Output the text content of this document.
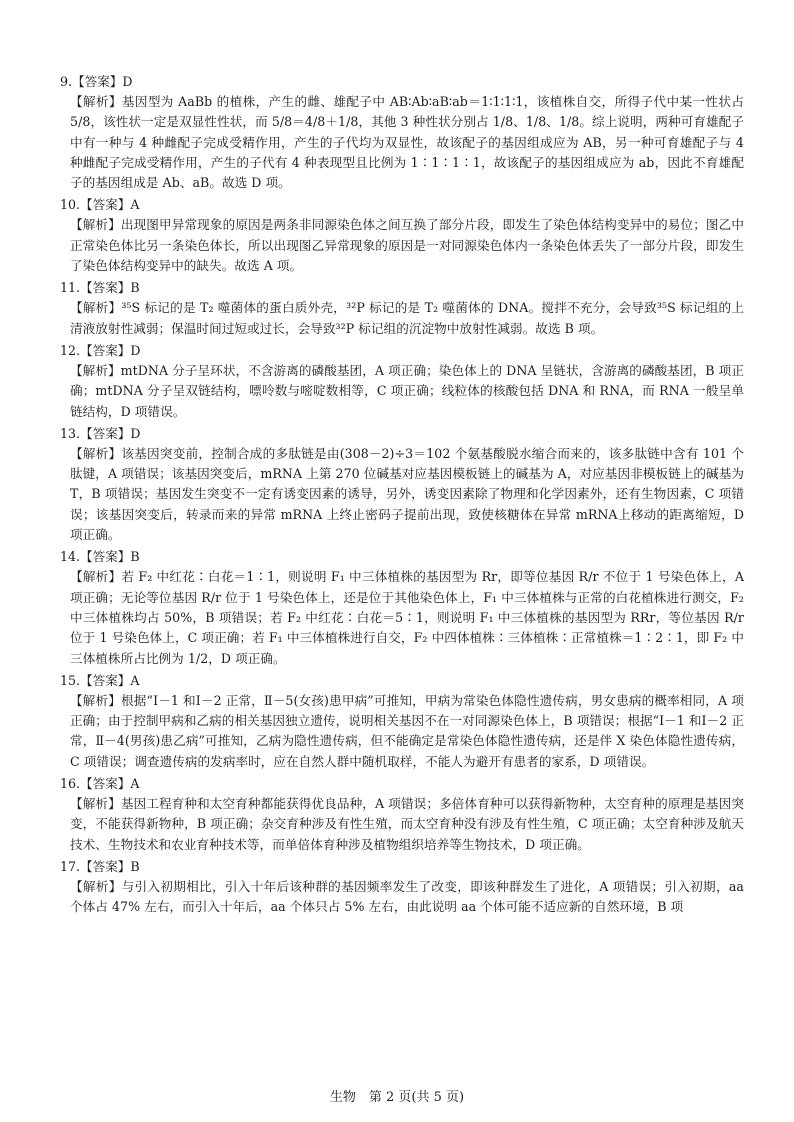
9.【答案】D
【解析】基因型为 AaBb 的植株，产生的雌、雄配子中 AB∶Ab∶aB∶ab＝1∶1∶1∶1，该植株自交，所得子代中某一性状占 5/8，该性状一定是双显性性状，而 5/8＝4/8＋1/8，其他 3 种性状分别占 1/8、1/8、1/8。综上说明，两种可育雄配子中有一种与 4 种雌配子完成受精作用，产生的子代均为双显性，故该配子的基因组成应为 AB，另一种可育雄配子与 4 种雌配子完成受精作用，产生的子代有 4 种表现型且比例为 1∶1∶1∶1，故该配子的基因组成应为 ab，因此不育雄配子的基因组成是 Ab、aB。故选 D 项。
10.【答案】A
【解析】出现图甲异常现象的原因是两条非同源染色体之间互换了部分片段，即发生了染色体结构变异中的易位；图乙中正常染色体比另一条染色体长，所以出现图乙异常现象的原因是一对同源染色体内一条染色体丢失了一部分片段，即发生了染色体结构变异中的缺失。故选 A 项。
11.【答案】B
【解析】³⁵S 标记的是 T₂ 噬菌体的蛋白质外壳，³²P 标记的是 T₂ 噬菌体的 DNA。搅拌不充分，会导致³⁵S 标记组的上清液放射性减弱；保温时间过短或过长，会导致³²P 标记组的沉淀物中放射性减弱。故选 B 项。
12.【答案】D
【解析】mtDNA 分子呈环状，不含游离的磷酸基团，A 项正确；染色体上的 DNA 呈链状，含游离的磷酸基团，B 项正确；mtDNA 分子呈双链结构，嘌呤数与嘧啶数相等，C 项正确；线粒体的核酸包括 DNA 和 RNA，而 RNA 一般呈单链结构，D 项错误。
13.【答案】D
【解析】该基因突变前，控制合成的多肽链是由(308－2)÷3＝102 个氨基酸脱水缩合而来的，该多肽链中含有 101 个肽键，A 项错误；该基因突变后，mRNA 上第 270 位碱基对应基因模板链上的碱基为 A，对应基因非模板链上的碱基为 T，B 项错误；基因发生突变不一定有诱变因素的诱导，另外，诱变因素除了物理和化学因素外，还有生物因素，C 项错误；该基因突变后，转录而来的异常 mRNA 上终止密码子提前出现，致使核糖体在异常 mRNA上移动的距离缩短，D 项正确。
14.【答案】B
【解析】若 F₂ 中红花∶白花＝1∶1，则说明 F₁ 中三体植株的基因型为 Rr，即等位基因 R/r 不位于 1 号染色体上，A 项正确；无论等位基因 R/r 位于 1 号染色体上，还是位于其他染色体上，F₁ 中三体植株与正常的白花植株进行测交，F₂ 中三体植株均占 50%，B 项错误；若 F₂ 中红花∶白花＝5∶1，则说明 F₁ 中三体植株的基因型为 RRr，等位基因 R/r 位于 1 号染色体上，C 项正确；若 F₁ 中三体植株进行自交，F₂ 中四体植株∶三体植株∶正常植株＝1∶2∶1，即 F₂ 中三体植株所占比例为 1/2，D 项正确。
15.【答案】A
【解析】根据“Ⅰ－1 和Ⅰ－2 正常，Ⅱ－5(女孩)患甲病”可推知，甲病为常染色体隐性遗传病，男女患病的概率相同，A 项正确；由于控制甲病和乙病的相关基因独立遗传，说明相关基因不在一对同源染色体上，B 项错误；根据“Ⅰ－1 和Ⅰ－2 正常，Ⅱ－4(男孩)患乙病”可推知，乙病为隐性遗传病，但不能确定是常染色体隐性遗传病，还是伴 X 染色体隐性遗传病，C 项错误；调查遗传病的发病率时，应在自然人群中随机取样，不能人为避开有患者的家系，D 项错误。
16.【答案】A
【解析】基因工程育种和太空育种都能获得优良品种，A 项错误；多倍体育种可以获得新物种，太空育种的原理是基因突变，不能获得新物种，B 项正确；杂交育种涉及有性生殖，而太空育种没有涉及有性生殖，C 项正确；太空育种涉及航天技术、生物技术和农业育种技术等，而单倍体育种涉及植物组织培养等生物技术，D 项正确。
17.【答案】B
【解析】与引入初期相比，引入十年后该种群的基因频率发生了改变，即该种群发生了进化，A 项错误；引入初期，aa 个体占 47% 左右，而引入十年后，aa 个体只占 5% 左右，由此说明 aa 个体可能不适应新的自然环境，B 项
生物　第 2 页(共 5 页)
